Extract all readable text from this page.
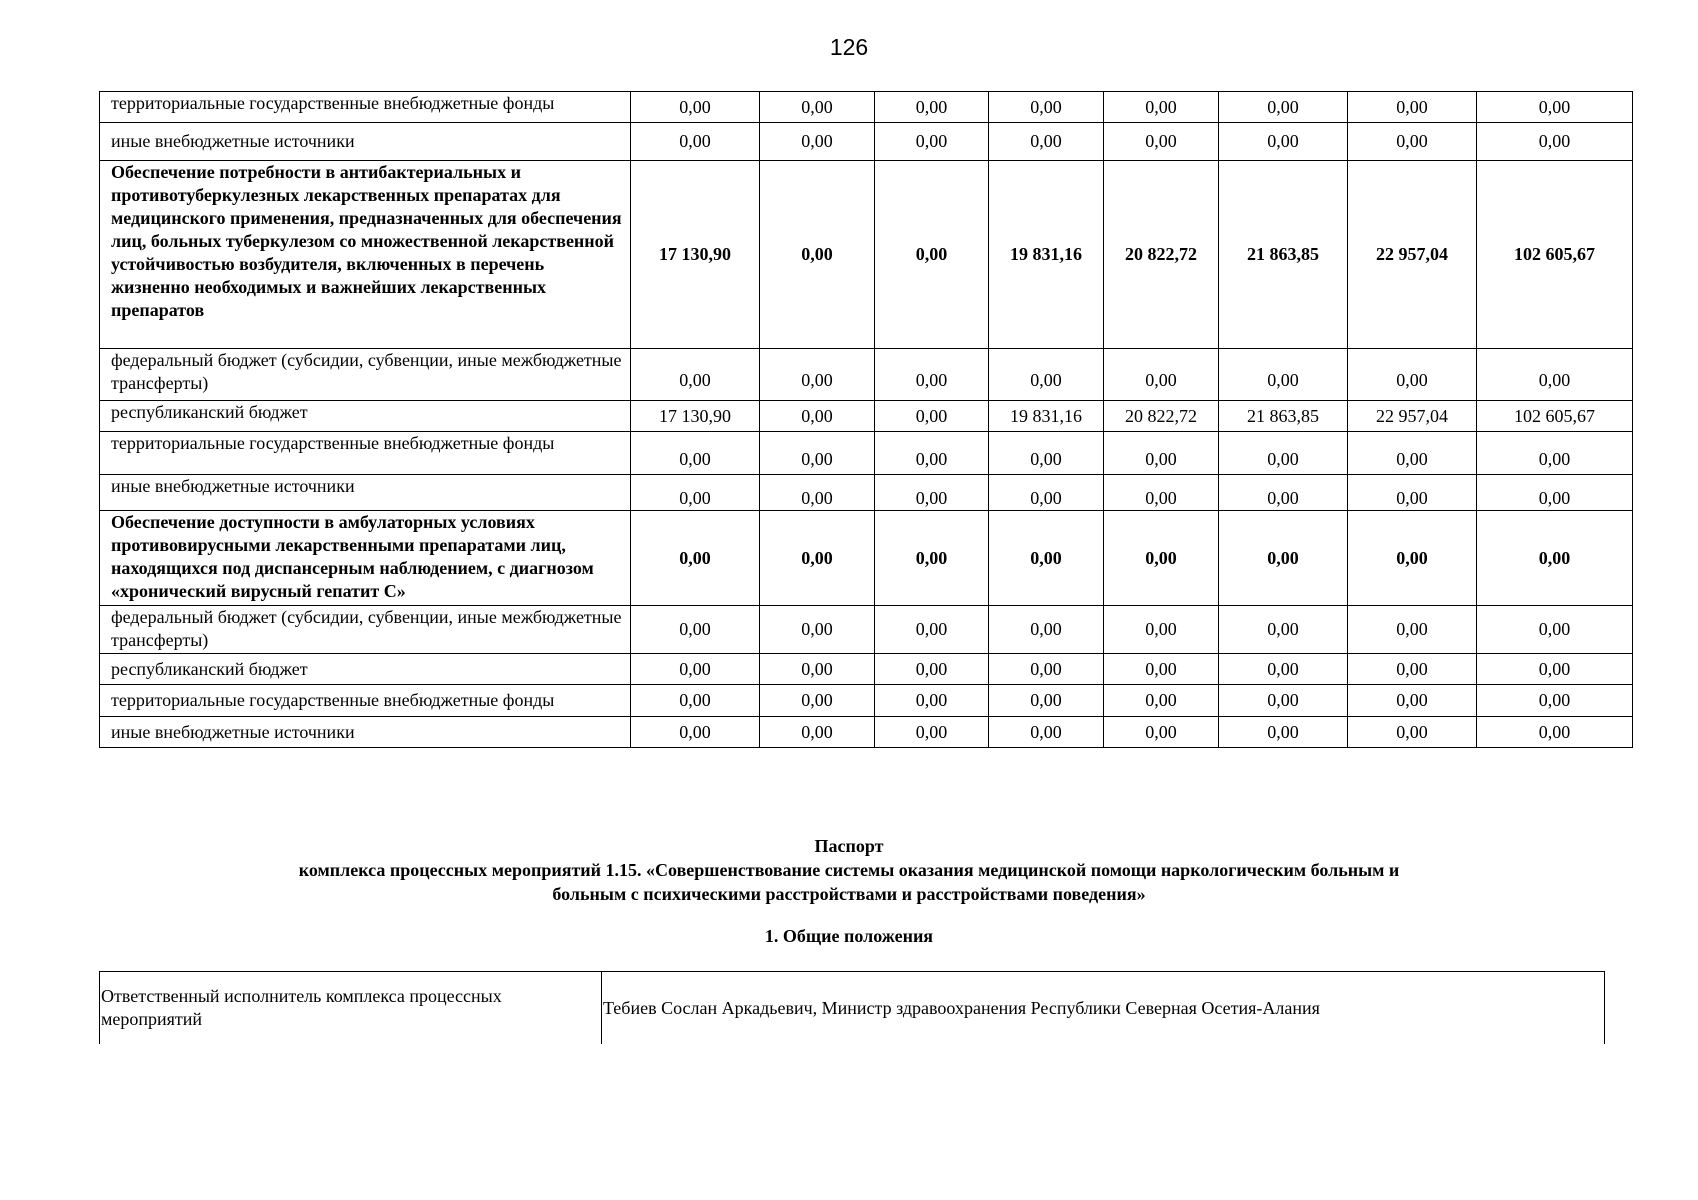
126
территориальные государственные внебюджетные фонды	0,00	0,00	0,00	0,00	0,00	0,00	0,00	0,00
иные внебюджетные источники	0,00	0,00	0,00	0,00	0,00	0,00	0,00	0,00
Обеспечение потребности в антибактериальных и противотуберкулезных лекарственных препаратах для медицинского применения, предназначенных для обеспечения лиц, больных туберкулезом со множественной лекарственной устойчивостью возбудителя, включенных в перечень жизненно необходимых и важнейших лекарственных препаратов	17 130,90	0,00	0,00	19 831,16	20 822,72	21 863,85	22 957,04	102 605,67
федеральный бюджет (субсидии, субвенции, иные межбюджетные трансферты)	0,00	0,00	0,00	0,00	0,00	0,00	0,00	0,00
республиканский бюджет	17 130,90	0,00	0,00	19 831,16	20 822,72	21 863,85	22 957,04	102 605,67
территориальные государственные внебюджетные фонды	0,00	0,00	0,00	0,00	0,00	0,00	0,00	0,00
иные внебюджетные источники	0,00	0,00	0,00	0,00	0,00	0,00	0,00	0,00
Обеспечение доступности в амбулаторных условиях противовирусными лекарственными препаратами лиц, находящихся под диспансерным наблюдением, с диагнозом «хронический вирусный гепатит С»	0,00	0,00	0,00	0,00	0,00	0,00	0,00	0,00
федеральный бюджет (субсидии, субвенции, иные межбюджетные трансферты)	0,00	0,00	0,00	0,00	0,00	0,00	0,00	0,00
республиканский бюджет	0,00	0,00	0,00	0,00	0,00	0,00	0,00	0,00
территориальные государственные внебюджетные фонды	0,00	0,00	0,00	0,00	0,00	0,00	0,00	0,00
иные внебюджетные источники	0,00	0,00	0,00	0,00	0,00	0,00	0,00	0,00
Паспорт
комплекса процессных мероприятий 1.15. «Совершенствование системы оказания медицинской помощи наркологическим больным и
больным с психическими расстройствами и расстройствами поведения»
1. Общие положения
Ответственный исполнитель комплекса процессных мероприятий	Тебиев Сослан Аркадьевич, Министр здравоохранения Республики Северная Осетия-Алания
